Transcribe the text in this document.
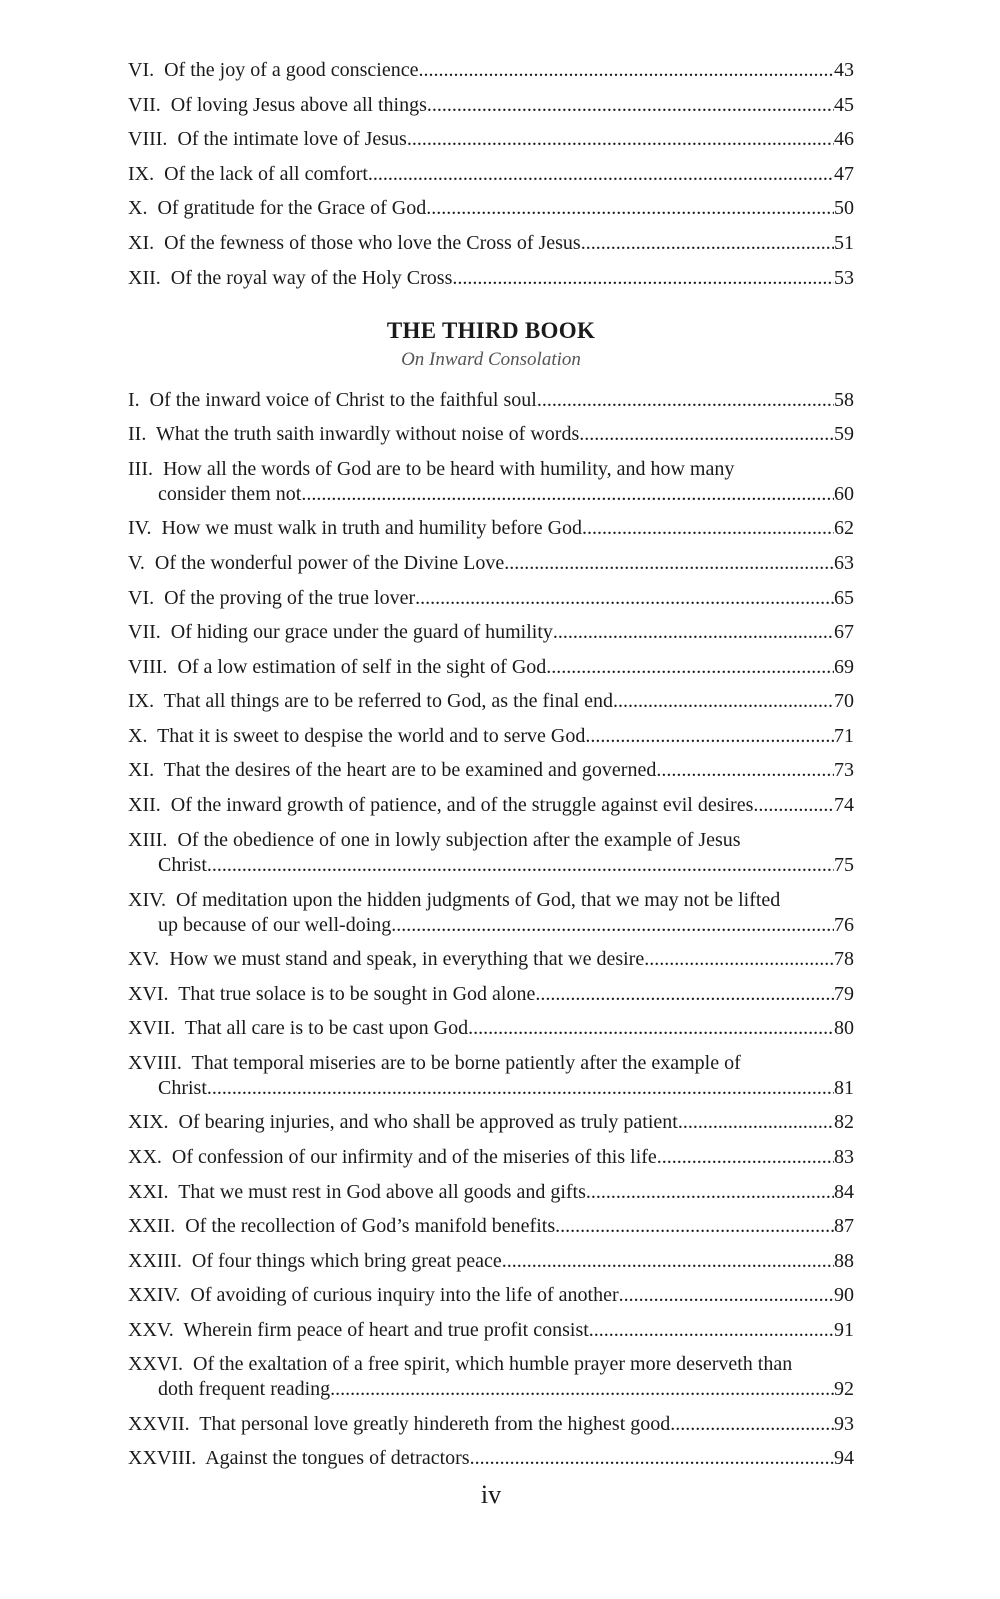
VI. Of the joy of a good conscience .....	43
VII. Of loving Jesus above all things .....	45
VIII. Of the intimate love of Jesus .....	46
IX. Of the lack of all comfort .....	47
X. Of gratitude for the Grace of God .....	50
XI. Of the fewness of those who love the Cross of Jesus .....	51
XII. Of the royal way of the Holy Cross .....	53
THE THIRD BOOK
On Inward Consolation
I. Of the inward voice of Christ to the faithful soul .....	58
II. What the truth saith inwardly without noise of words .....	59
III. How all the words of God are to be heard with humility, and how many
consider them not .....	60
IV. How we must walk in truth and humility before God .....	62
V. Of the wonderful power of the Divine Love .....	63
VI. Of the proving of the true lover .....	65
VII. Of hiding our grace under the guard of humility .....	67
VIII. Of a low estimation of self in the sight of God .....	69
IX. That all things are to be referred to God, as the final end .....	70
X. That it is sweet to despise the world and to serve God .....	71
XI. That the desires of the heart are to be examined and governed .....	73
XII. Of the inward growth of patience, and of the struggle against evil desires .....	74
XIII. Of the obedience of one in lowly subjection after the example of Jesus
Christ .....	75
XIV. Of meditation upon the hidden judgments of God, that we may not be lifted
up because of our well-doing .....	76
XV. How we must stand and speak, in everything that we desire .....	78
XVI. That true solace is to be sought in God alone .....	79
XVII. That all care is to be cast upon God .....	80
XVIII. That temporal miseries are to be borne patiently after the example of
Christ .....	81
XIX. Of bearing injuries, and who shall be approved as truly patient .....	82
XX. Of confession of our infirmity and of the miseries of this life .....	83
XXI. That we must rest in God above all goods and gifts .....	84
XXII. Of the recollection of God’s manifold benefits .....	87
XXIII. Of four things which bring great peace .....	88
XXIV. Of avoiding of curious inquiry into the life of another .....	90
XXV. Wherein firm peace of heart and true profit consist .....	91
XXVI. Of the exaltation of a free spirit, which humble prayer more deserveth than
doth frequent reading .....	92
XXVII. That personal love greatly hindereth from the highest good .....	93
XXVIII. Against the tongues of detractors .....	94
iv
